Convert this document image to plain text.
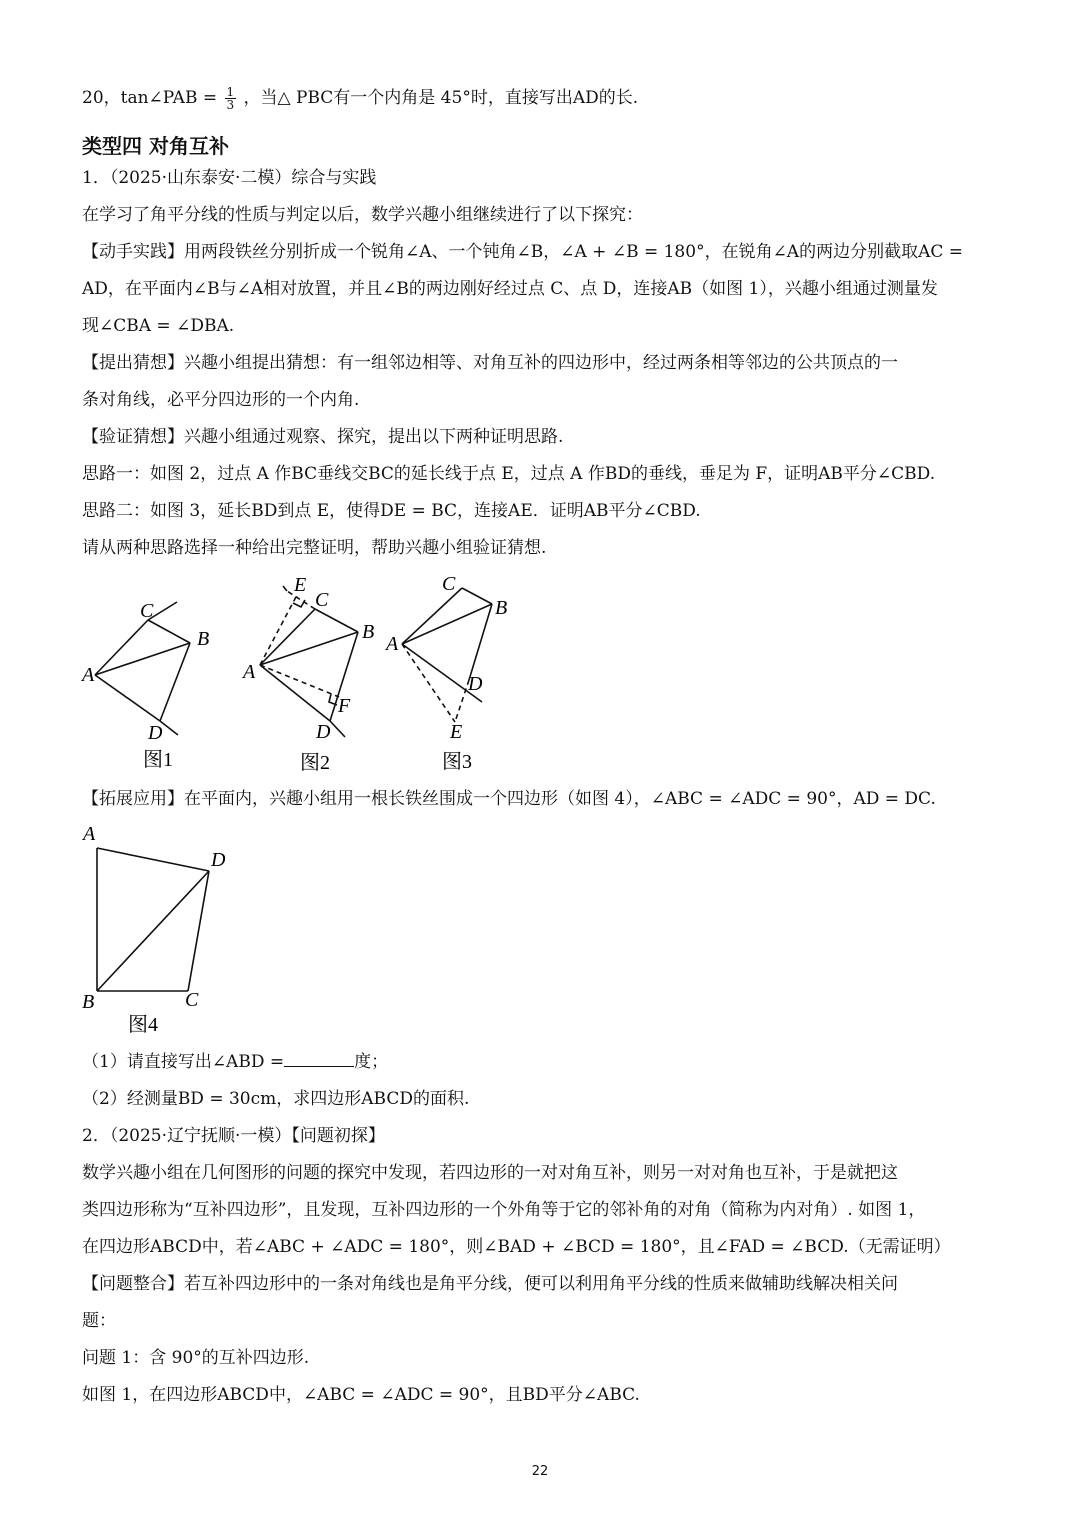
20，tan∠PAB = $\frac{1}{3}$ ，当△ PBC有一个内角是 45°时，直接写出AD的长.
类型四 对角互补
1．（2025·山东泰安·二模）综合与实践
在学习了角平分线的性质与判定以后，数学兴趣小组继续进行了以下探究：
【动手实践】用两段铁丝分别折成一个锐角∠A、一个钝角∠B，∠A + ∠B = 180°，在锐角∠A的两边分别截取AC =
AD，在平面内∠B与∠A相对放置，并且∠B的两边刚好经过点 C、点 D，连接AB（如图 1），兴趣小组通过测量发
现∠CBA = ∠DBA.
【提出猜想】兴趣小组提出猜想：有一组邻边相等、对角互补的四边形中，经过两条相等邻边的公共顶点的一
条对角线，必平分四边形的一个内角.
【验证猜想】兴趣小组通过观察、探究，提出以下两种证明思路.
思路一：如图 2，过点 A 作BC垂线交BC的延长线于点 E，过点 A 作BD的垂线，垂足为 F，证明AB平分∠CBD.
思路二：如图 3，延长BD到点 E，使得DE = BC，连接AE．证明AB平分∠CBD.
请从两种思路选择一种给出完整证明，帮助兴趣小组验证猜想.
C
B
A
D
图1
E
C
B
A
F
D
图2
C
B
A
D
E
图3
【拓展应用】在平面内，兴趣小组用一根长铁丝围成一个四边形（如图 4），∠ABC = ∠ADC = 90°，AD = DC.
A
D
B	C
图4
（1）请直接写出∠ABD =	度；
（2）经测量BD = 30cm，求四边形ABCD的面积.
2．（2025·辽宁抚顺·一模）【问题初探】
数学兴趣小组在几何图形的问题的探究中发现，若四边形的一对对角互补，则另一对对角也互补，于是就把这
类四边形称为“互补四边形”，且发现，互补四边形的一个外角等于它的邻补角的对角（简称为内对角）. 如图 1，
在四边形ABCD中，若∠ABC + ∠ADC = 180°，则∠BAD + ∠BCD = 180°，且∠FAD = ∠BCD.（无需证明）
【问题整合】若互补四边形中的一条对角线也是角平分线，便可以利用角平分线的性质来做辅助线解决相关问
题：
问题 1：含 90°的互补四边形.
如图 1，在四边形ABCD中，∠ABC = ∠ADC = 90°，且BD平分∠ABC.
22
